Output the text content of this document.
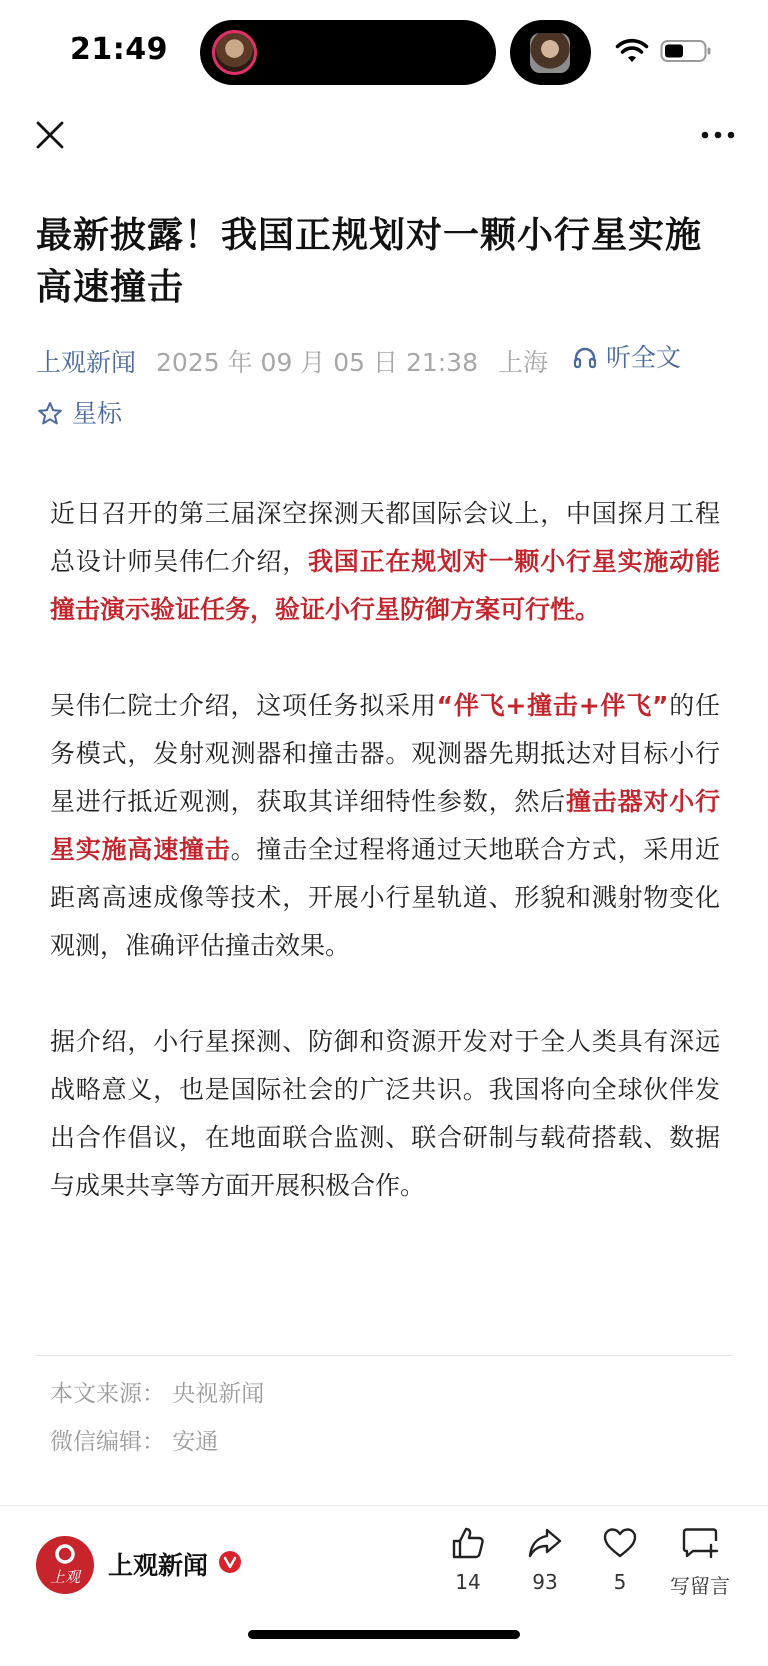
21:49
最新披露！我国正规划对一颗小行星实施高速撞击
上观新闻 2025 年 09 月 05 日 21:38 上海 听全文
星标

近日召开的第三届深空探测天都国际会议上，中国探月工程总设计师吴伟仁介绍，我国正在规划对一颗小行星实施动能撞击演示验证任务，验证小行星防御方案可行性。

吴伟仁院士介绍，这项任务拟采用“伴飞+撞击+伴飞”的任务模式，发射观测器和撞击器。观测器先期抵达对目标小行星进行抵近观测，获取其详细特性参数，然后撞击器对小行星实施高速撞击。撞击全过程将通过天地联合方式，采用近距离高速成像等技术，开展小行星轨道、形貌和溅射物变化观测，准确评估撞击效果。

据介绍，小行星探测、防御和资源开发对于全人类具有深远战略意义，也是国际社会的广泛共识。我国将向全球伙伴发出合作倡议，在地面联合监测、联合研制与载荷搭载、数据与成果共享等方面开展积极合作。

本文来源： 央视新闻
微信编辑： 安通
上观	上观新闻
14	93	5	写留言
